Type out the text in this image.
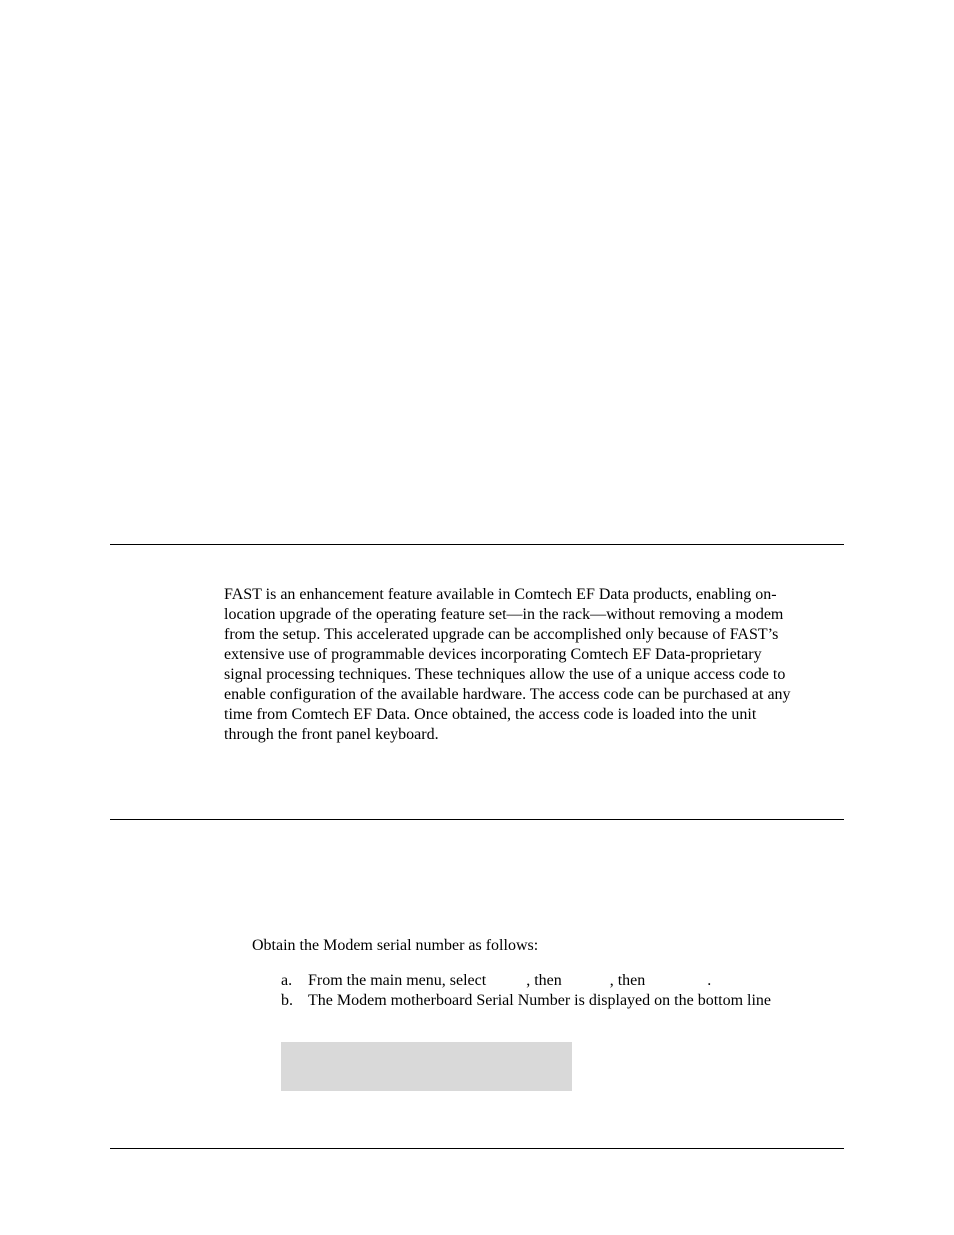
FAST is an enhancement feature available in Comtech EF Data products, enabling on-
location upgrade of the operating feature set—in the rack—without removing a modem
from the setup. This accelerated upgrade can be accomplished only because of FAST’s
extensive use of programmable devices incorporating Comtech EF Data-proprietary
signal processing techniques. These techniques allow the use of a unique access code to
enable configuration of the available hardware. The access code can be purchased at any
time from Comtech EF Data. Once obtained, the access code is loaded into the unit
through the front panel keyboard.
Obtain the Modem serial number as follows:
a. From the main menu, select	, then	, then	.
b. The Modem motherboard Serial Number is displayed on the bottom line
